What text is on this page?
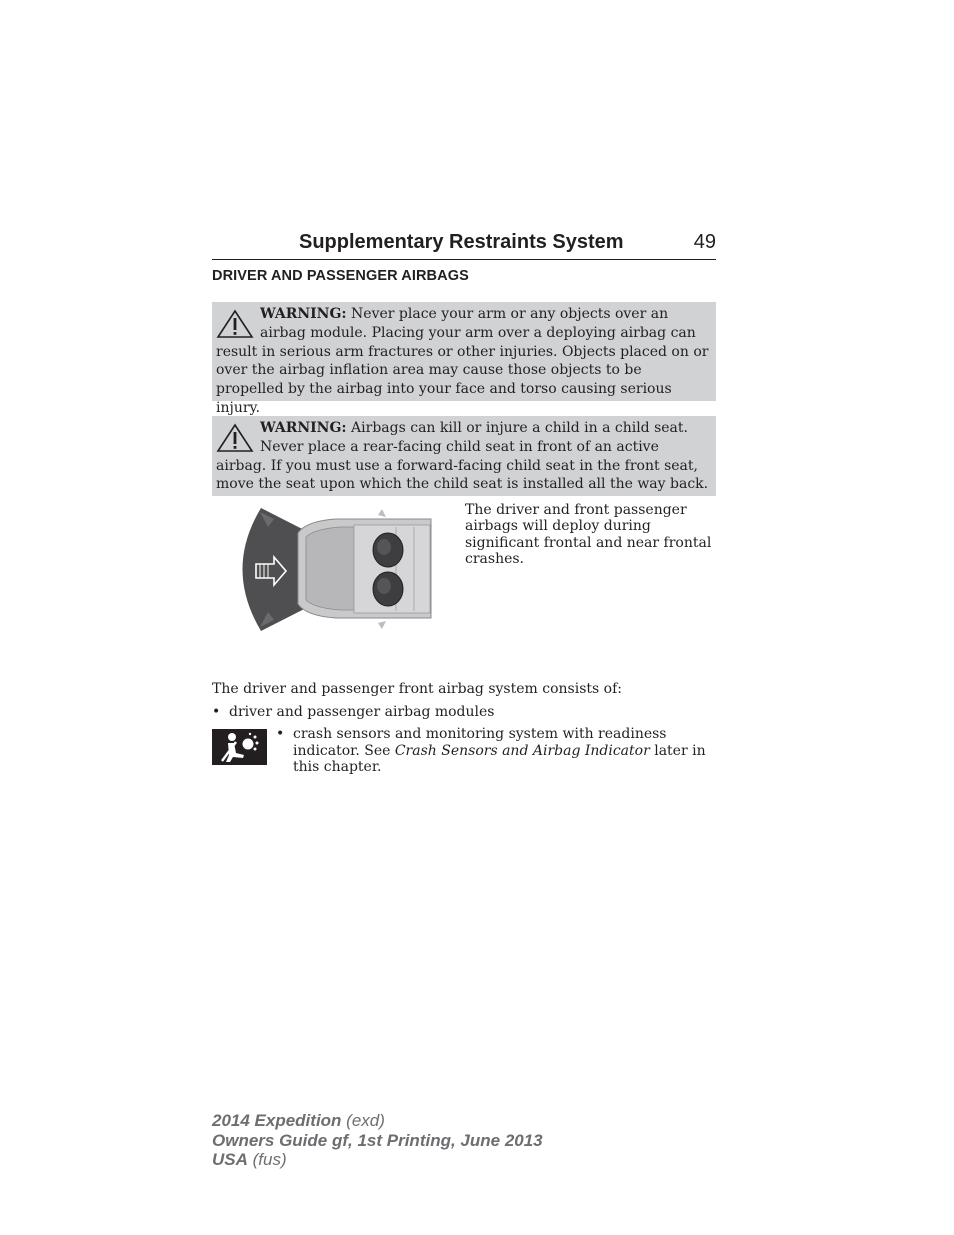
Supplementary Restraints System	49
DRIVER AND PASSENGER AIRBAGS
WARNING: Never place your arm or any objects over an airbag module. Placing your arm over a deploying airbag can result in serious arm fractures or other injuries. Objects placed on or over the airbag inflation area may cause those objects to be propelled by the airbag into your face and torso causing serious injury.
WARNING: Airbags can kill or injure a child in a child seat. Never place a rear-facing child seat in front of an active airbag. If you must use a forward-facing child seat in the front seat, move the seat upon which the child seat is installed all the way back.
The driver and front passenger airbags will deploy during significant frontal and near frontal crashes.
The driver and passenger front airbag system consists of:
• driver and passenger airbag modules
• crash sensors and monitoring system with readiness indicator. See Crash Sensors and Airbag Indicator later in this chapter.
2014 Expedition (exd)
Owners Guide gf, 1st Printing, June 2013
USA (fus)
